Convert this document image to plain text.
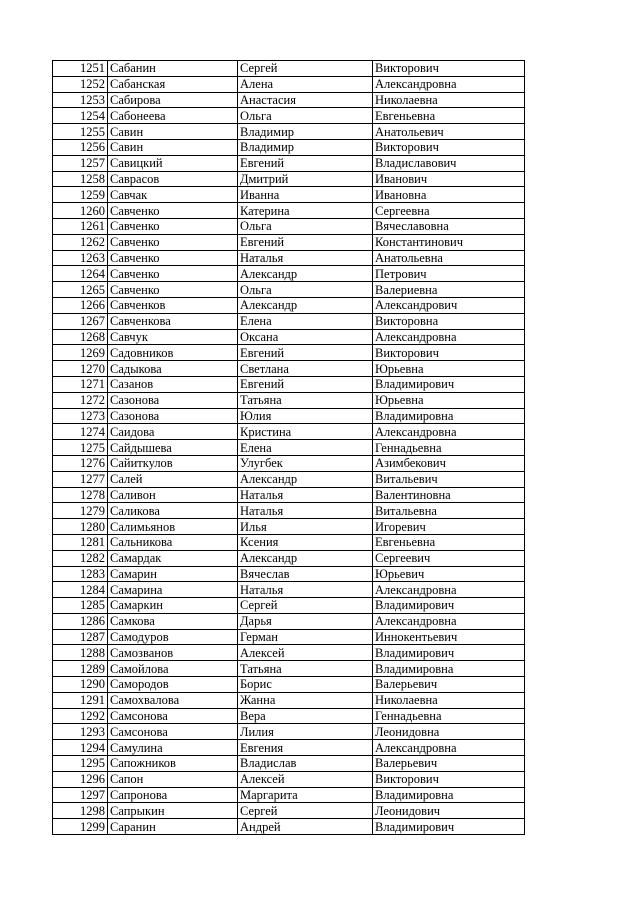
1251	Сабанин	Сергей	Викторович
1252	Сабанская	Алена	Александровна
1253	Сабирова	Анастасия	Николаевна
1254	Сабонеева	Ольга	Евгеньевна
1255	Савин	Владимир	Анатольевич
1256	Савин	Владимир	Викторович
1257	Савицкий	Евгений	Владиславович
1258	Саврасов	Дмитрий	Иванович
1259	Савчак	Иванна	Ивановна
1260	Савченко	Катерина	Сергеевна
1261	Савченко	Ольга	Вячеславовна
1262	Савченко	Евгений	Константинович
1263	Савченко	Наталья	Анатольевна
1264	Савченко	Александр	Петрович
1265	Савченко	Ольга	Валериевна
1266	Савченков	Александр	Александрович
1267	Савченкова	Елена	Викторовна
1268	Савчук	Оксана	Александровна
1269	Садовников	Евгений	Викторович
1270	Садыкова	Светлана	Юрьевна
1271	Сазанов	Евгений	Владимирович
1272	Сазонова	Татьяна	Юрьевна
1273	Сазонова	Юлия	Владимировна
1274	Саидова	Кристина	Александровна
1275	Сайдышева	Елена	Геннадьевна
1276	Сайиткулов	Улугбек	Азимбекович
1277	Салей	Александр	Витальевич
1278	Саливон	Наталья	Валентиновна
1279	Саликова	Наталья	Витальевна
1280	Салимьянов	Илья	Игоревич
1281	Сальникова	Ксения	Евгеньевна
1282	Самардак	Александр	Сергеевич
1283	Самарин	Вячеслав	Юрьевич
1284	Самарина	Наталья	Александровна
1285	Самаркин	Сергей	Владимирович
1286	Самкова	Дарья	Александровна
1287	Самодуров	Герман	Иннокентьевич
1288	Самозванов	Алексей	Владимирович
1289	Самойлова	Татьяна	Владимировна
1290	Самородов	Борис	Валерьевич
1291	Самохвалова	Жанна	Николаевна
1292	Самсонова	Вера	Геннадьевна
1293	Самсонова	Лилия	Леонидовна
1294	Самулина	Евгения	Александровна
1295	Сапожников	Владислав	Валерьевич
1296	Сапон	Алексей	Викторович
1297	Сапронова	Маргарита	Владимировна
1298	Сапрыкин	Сергей	Леонидович
1299	Саранин	Андрей	Владимирович
